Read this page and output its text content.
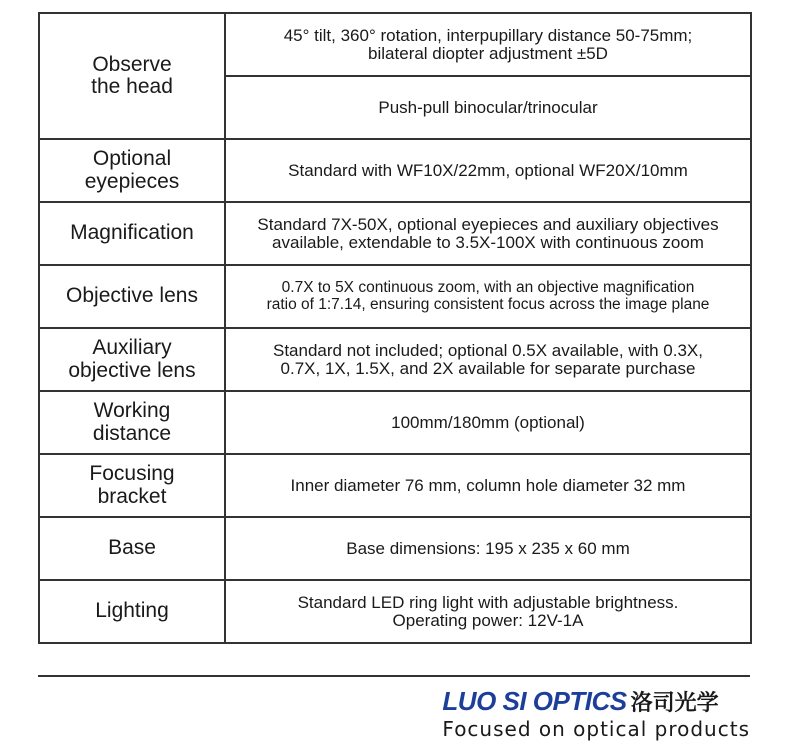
Observe
the head	45° tilt, 360° rotation, interpupillary distance 50-75mm;
bilateral diopter adjustment ±5D

	Push-pull binocular/trinocular

Optional
eyepieces	Standard with WF10X/22mm, optional WF20X/10mm

Magnification	Standard 7X-50X, optional eyepieces and auxiliary objectives
available, extendable to 3.5X-100X with continuous zoom

Objective lens	0.7X to 5X continuous zoom, with an objective magnification
ratio of 1:7.14, ensuring consistent focus across the image plane

Auxiliary
objective lens	Standard not included; optional 0.5X available, with 0.3X,
0.7X, 1X, 1.5X, and 2X available for separate purchase

Working
distance	100mm/180mm (optional)

Focusing
bracket	Inner diameter 76 mm, column hole diameter 32 mm

Base	Base dimensions: 195 x 235 x 60 mm

Lighting	Standard LED ring light with adjustable brightness.
Operating power: 12V-1A
LUO SI OPTICS 洛司光学
Focused on optical products
